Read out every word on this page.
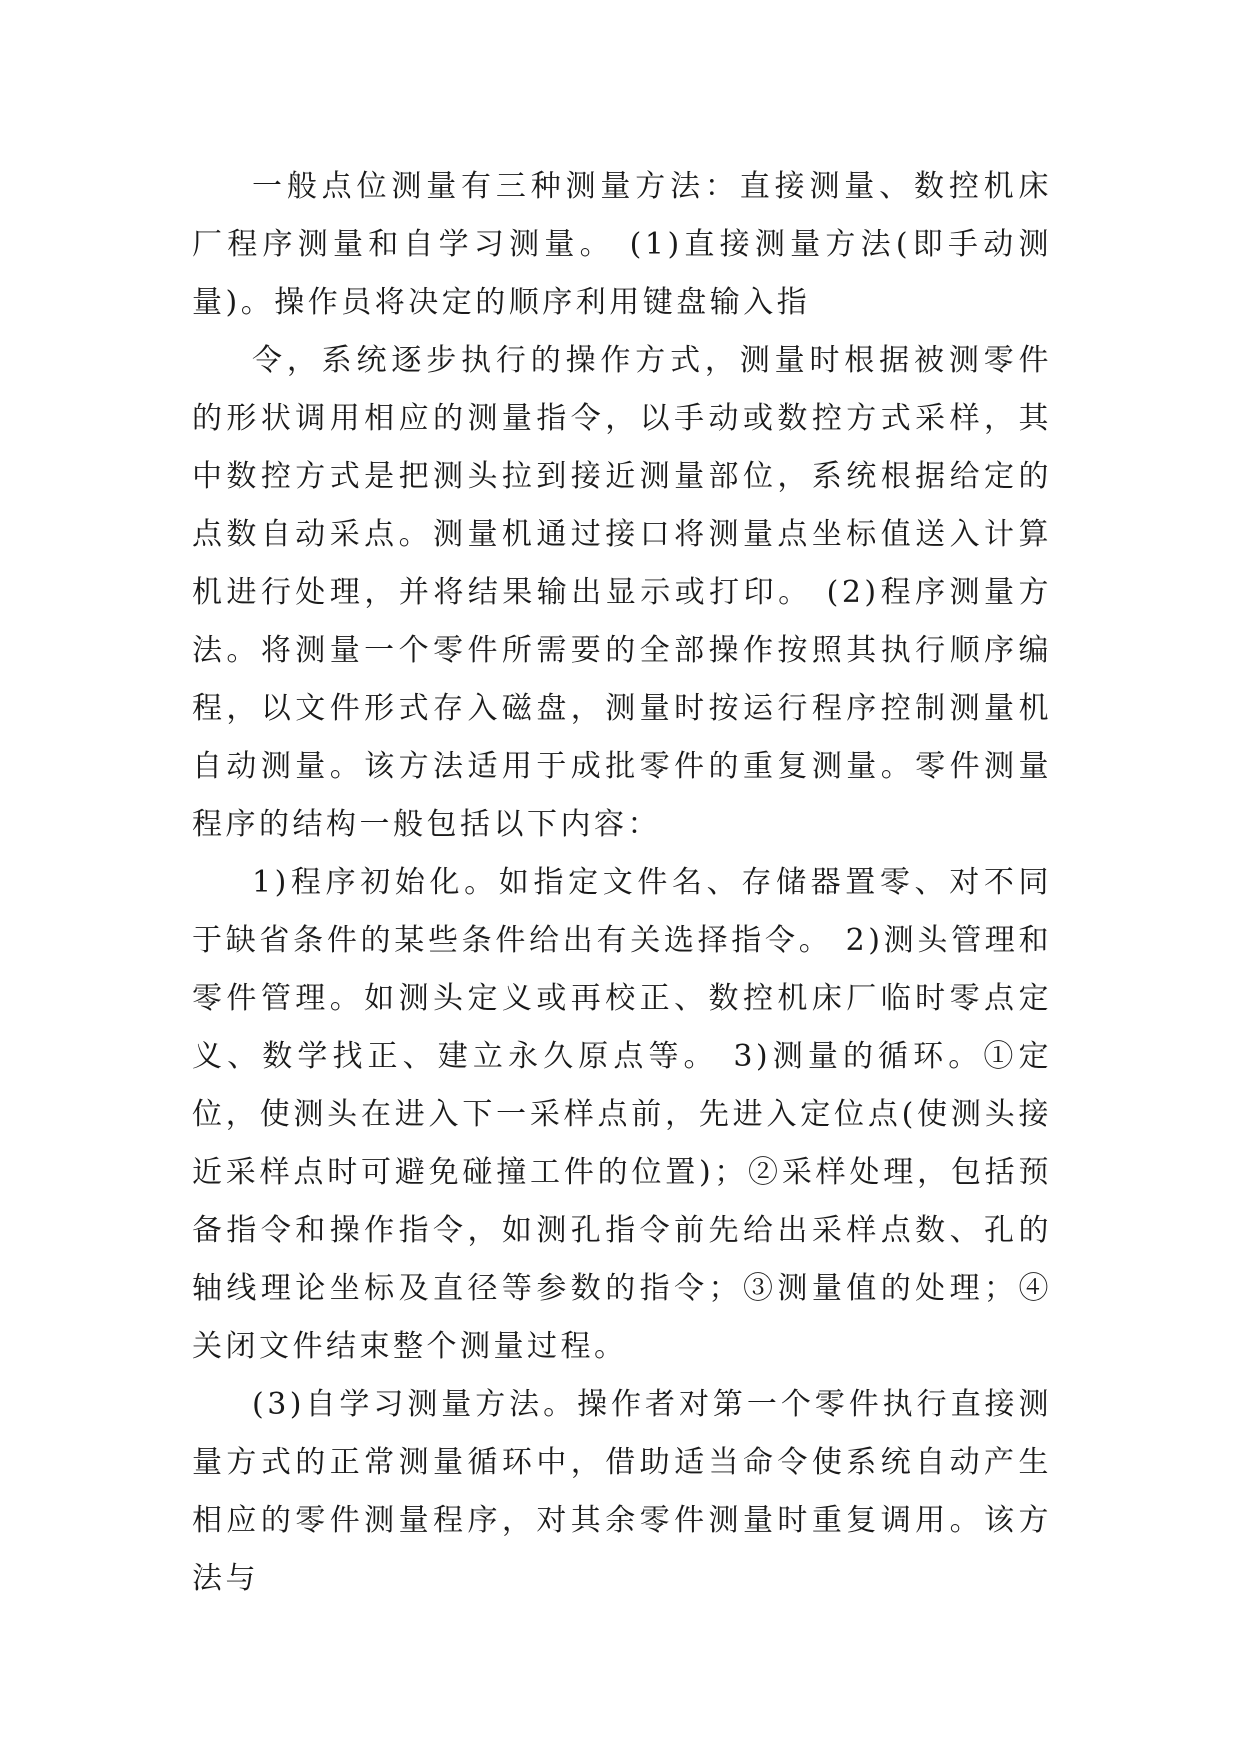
一般点位测量有三种测量方法：直接测量、数控机床厂程序测量和自学习测量。 (1)直接测量方法(即手动测量)。操作员将决定的顺序利用键盘输入指

令，系统逐步执行的操作方式，测量时根据被测零件的形状调用相应的测量指令，以手动或数控方式采样，其中数控方式是把测头拉到接近测量部位，系统根据给定的点数自动采点。测量机通过接口将测量点坐标值送入计算机进行处理，并将结果输出显示或打印。 (2)程序测量方法。将测量一个零件所需要的全部操作按照其执行顺序编程，以文件形式存入磁盘，测量时按运行程序控制测量机自动测量。该方法适用于成批零件的重复测量。零件测量程序的结构一般包括以下内容：

1)程序初始化。如指定文件名、存储器置零、对不同于缺省条件的某些条件给出有关选择指令。 2)测头管理和零件管理。如测头定义或再校正、数控机床厂临时零点定义、数学找正、建立永久原点等。 3)测量的循环。①定位，使测头在进入下一采样点前，先进入定位点(使测头接近采样点时可避免碰撞工件的位置)；②采样处理，包括预备指令和操作指令，如测孔指令前先给出采样点数、孔的轴线理论坐标及直径等参数的指令；③测量值的处理；④关闭文件结束整个测量过程。

(3)自学习测量方法。操作者对第一个零件执行直接测量方式的正常测量循环中，借助适当命令使系统自动产生相应的零件测量程序，对其余零件测量时重复调用。该方法与
